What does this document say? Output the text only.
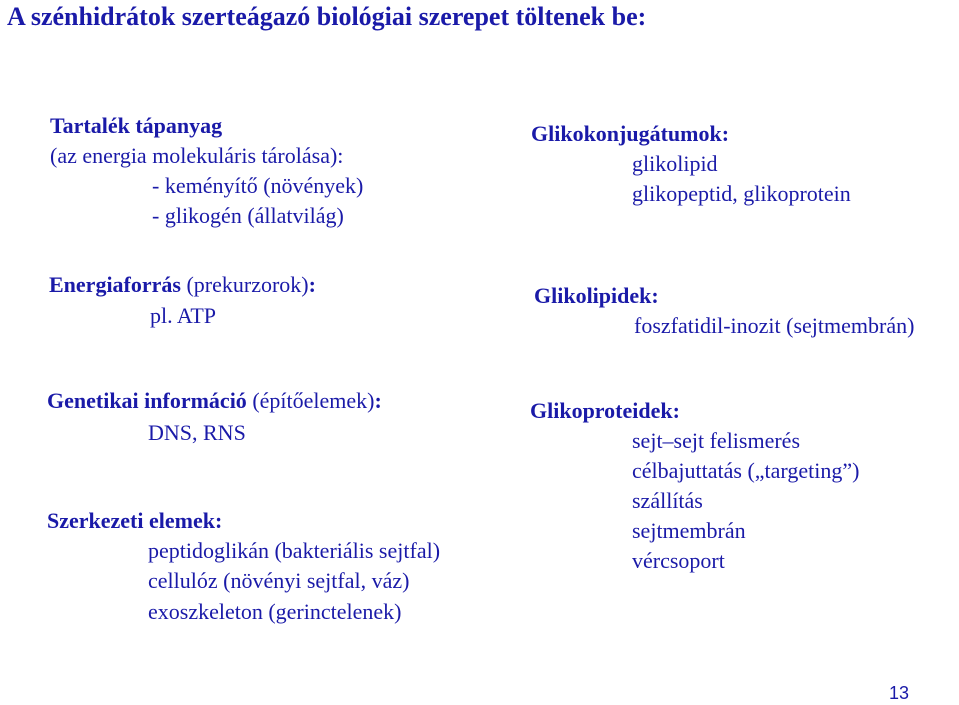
A szénhidrátok szerteágazó biológiai szerepet töltenek be:
Tartalék tápanyag
(az energia molekuláris tárolása):
- keményítő (növények)
- glikogén (állatvilág)
Energiaforrás (prekurzorok):
pl. ATP
Genetikai információ (építőelemek):
DNS, RNS
Szerkezeti elemek:
peptidoglikán (bakteriális sejtfal)
cellulóz (növényi sejtfal, váz)
exoszkeleton (gerinctelenek)
Glikokonjugátumok:
glikolipid
glikopeptid, glikoprotein
Glikolipidek:
foszfatidil-inozit (sejtmembrán)
Glikoproteidek:
sejt–sejt felismerés
célbajuttatás („targeting”)
szállítás
sejtmembrán
vércsoport
13
